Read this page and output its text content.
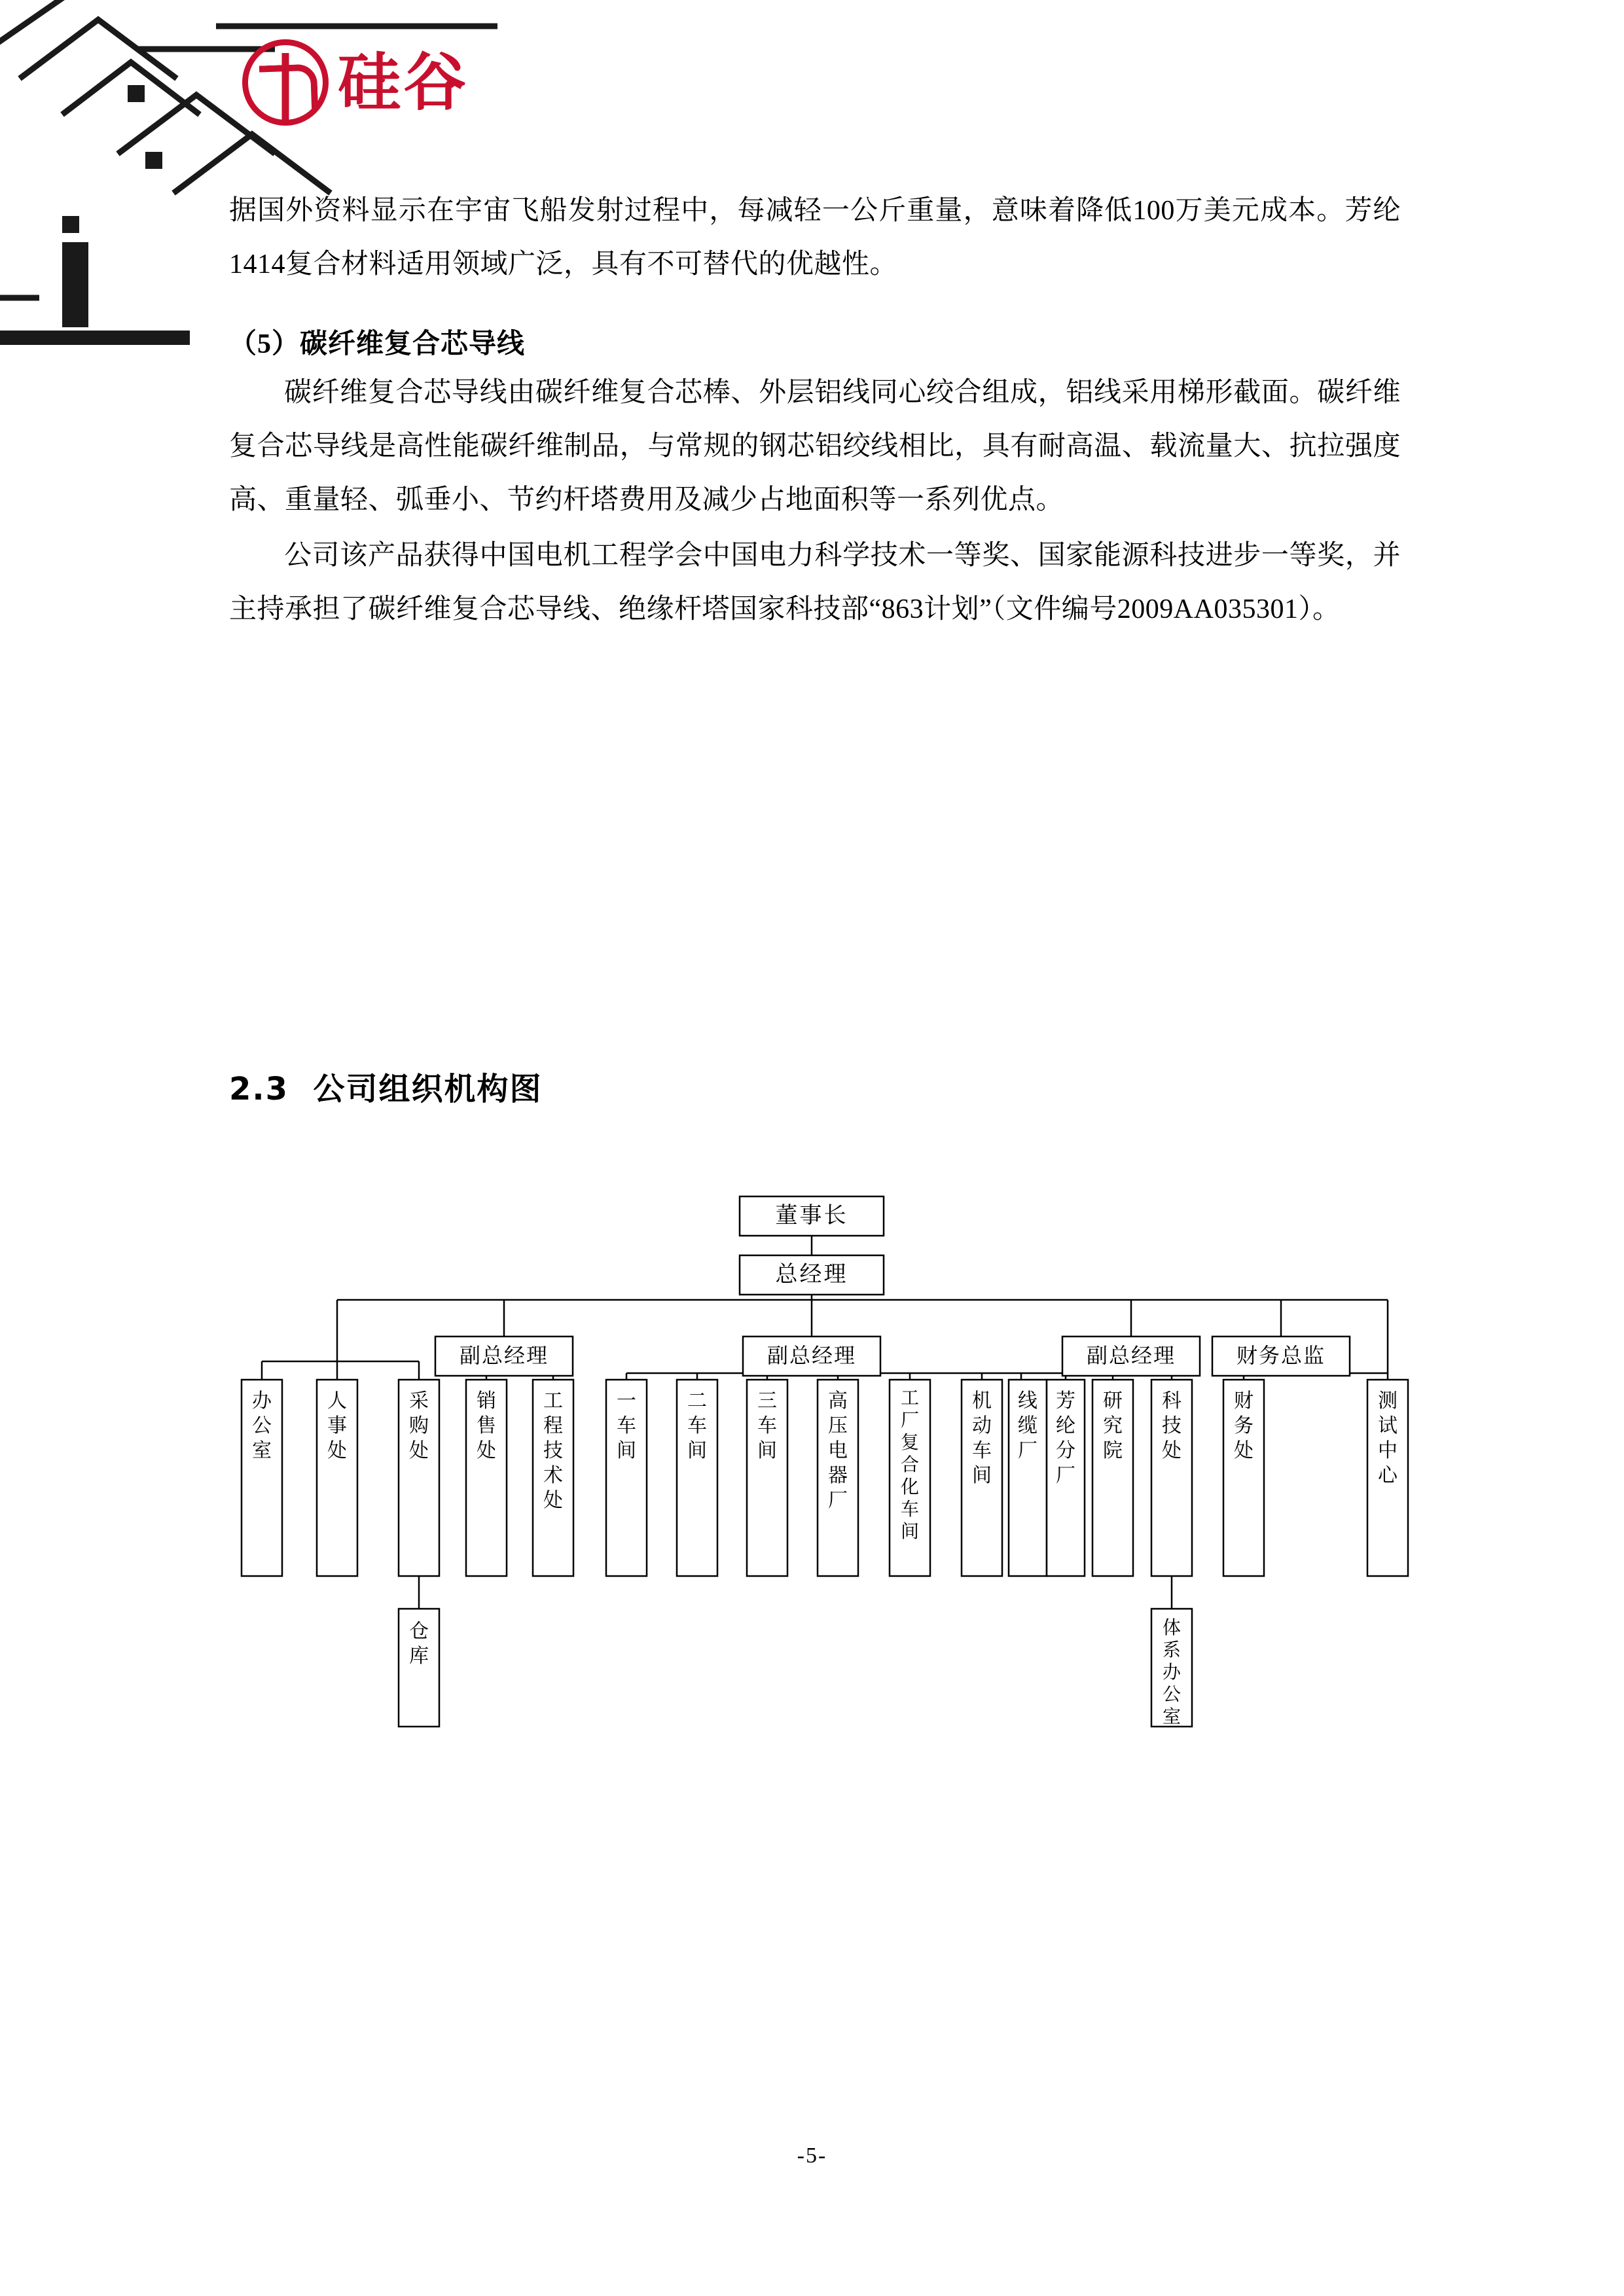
硅谷

据国外资料显示在宇宙飞船发射过程中，每减轻一公斤重量，意味着降低100万美元成本。芳纶1414复合材料适用领域广泛，具有不可替代的优越性。

（5）碳纤维复合芯导线

碳纤维复合芯导线由碳纤维复合芯棒、外层铝线同心绞合组成，铝线采用梯形截面。碳纤维复合芯导线是高性能碳纤维制品，与常规的钢芯铝绞线相比，具有耐高温、载流量大、抗拉强度高、重量轻、弧垂小、节约杆塔费用及减少占地面积等一系列优点。

公司该产品获得中国电机工程学会中国电力科学技术一等奖、国家能源科技进步一等奖，并主持承担了碳纤维复合芯导线、绝缘杆塔国家科技部“863计划”（文件编号2009AA035301）。

2.3 公司组织机构图
董事长
总经理
副总经理	副总经理	副总经理	财务总监
办
公
室
人
事
处
采
购
处
销
售
处
工
程
技
术
处
一
车
间
二
车
间
三
车
间
高
压
电
器
厂
工
厂
复
合
化
车
间
机
动
车
间
线
缆
厂
芳
纶
分
厂
研
究
院
科
技
处
财
务
处
测
试
中
心
仓
库
体
系
办
公
室
-5-
